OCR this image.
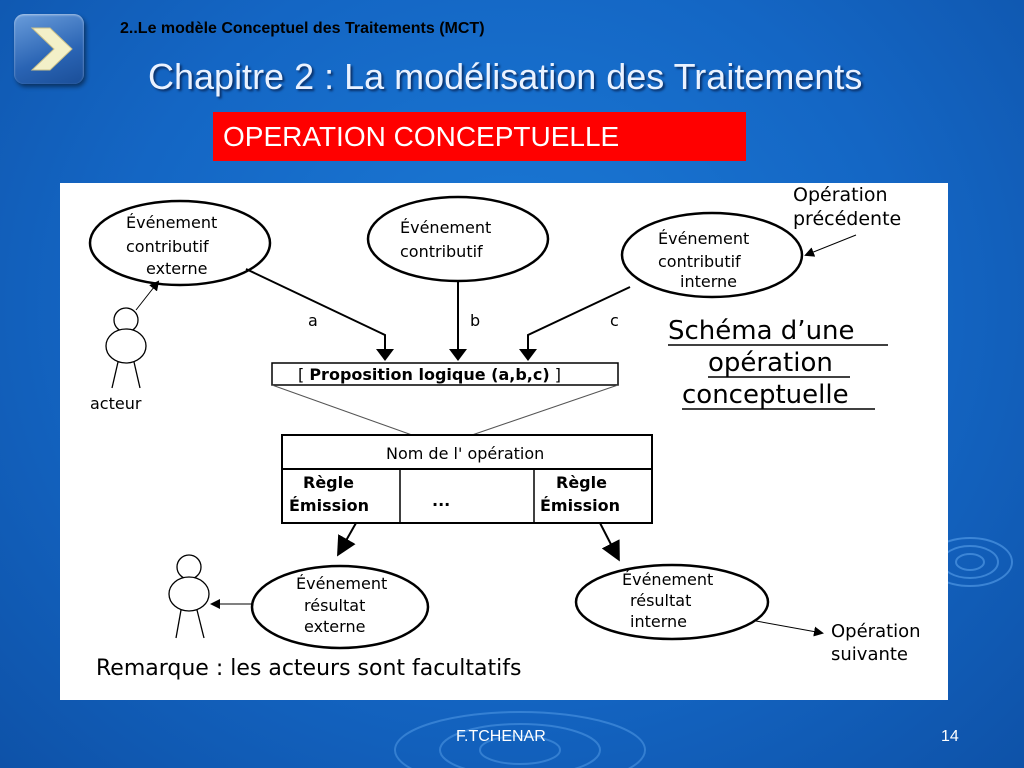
2..Le modèle Conceptuel des Traitements (MCT)
Chapitre 2 : La modélisation des Traitements
OPERATION CONCEPTUELLE
Événement
contributif
externe
Événement
contributif
Événement
contributif
interne
Opération
précédente
a	b	c
acteur
[ Proposition logique (a,b,c) ]
Nom de l' opération
Règle
Émission	...
Règle
Émission
Schéma d’une
opération
conceptuelle
Événement
résultat
externe
Événement
résultat
interne	Opération
suivante
Remarque : les acteurs sont facultatifs
F.TCHENAR	14
